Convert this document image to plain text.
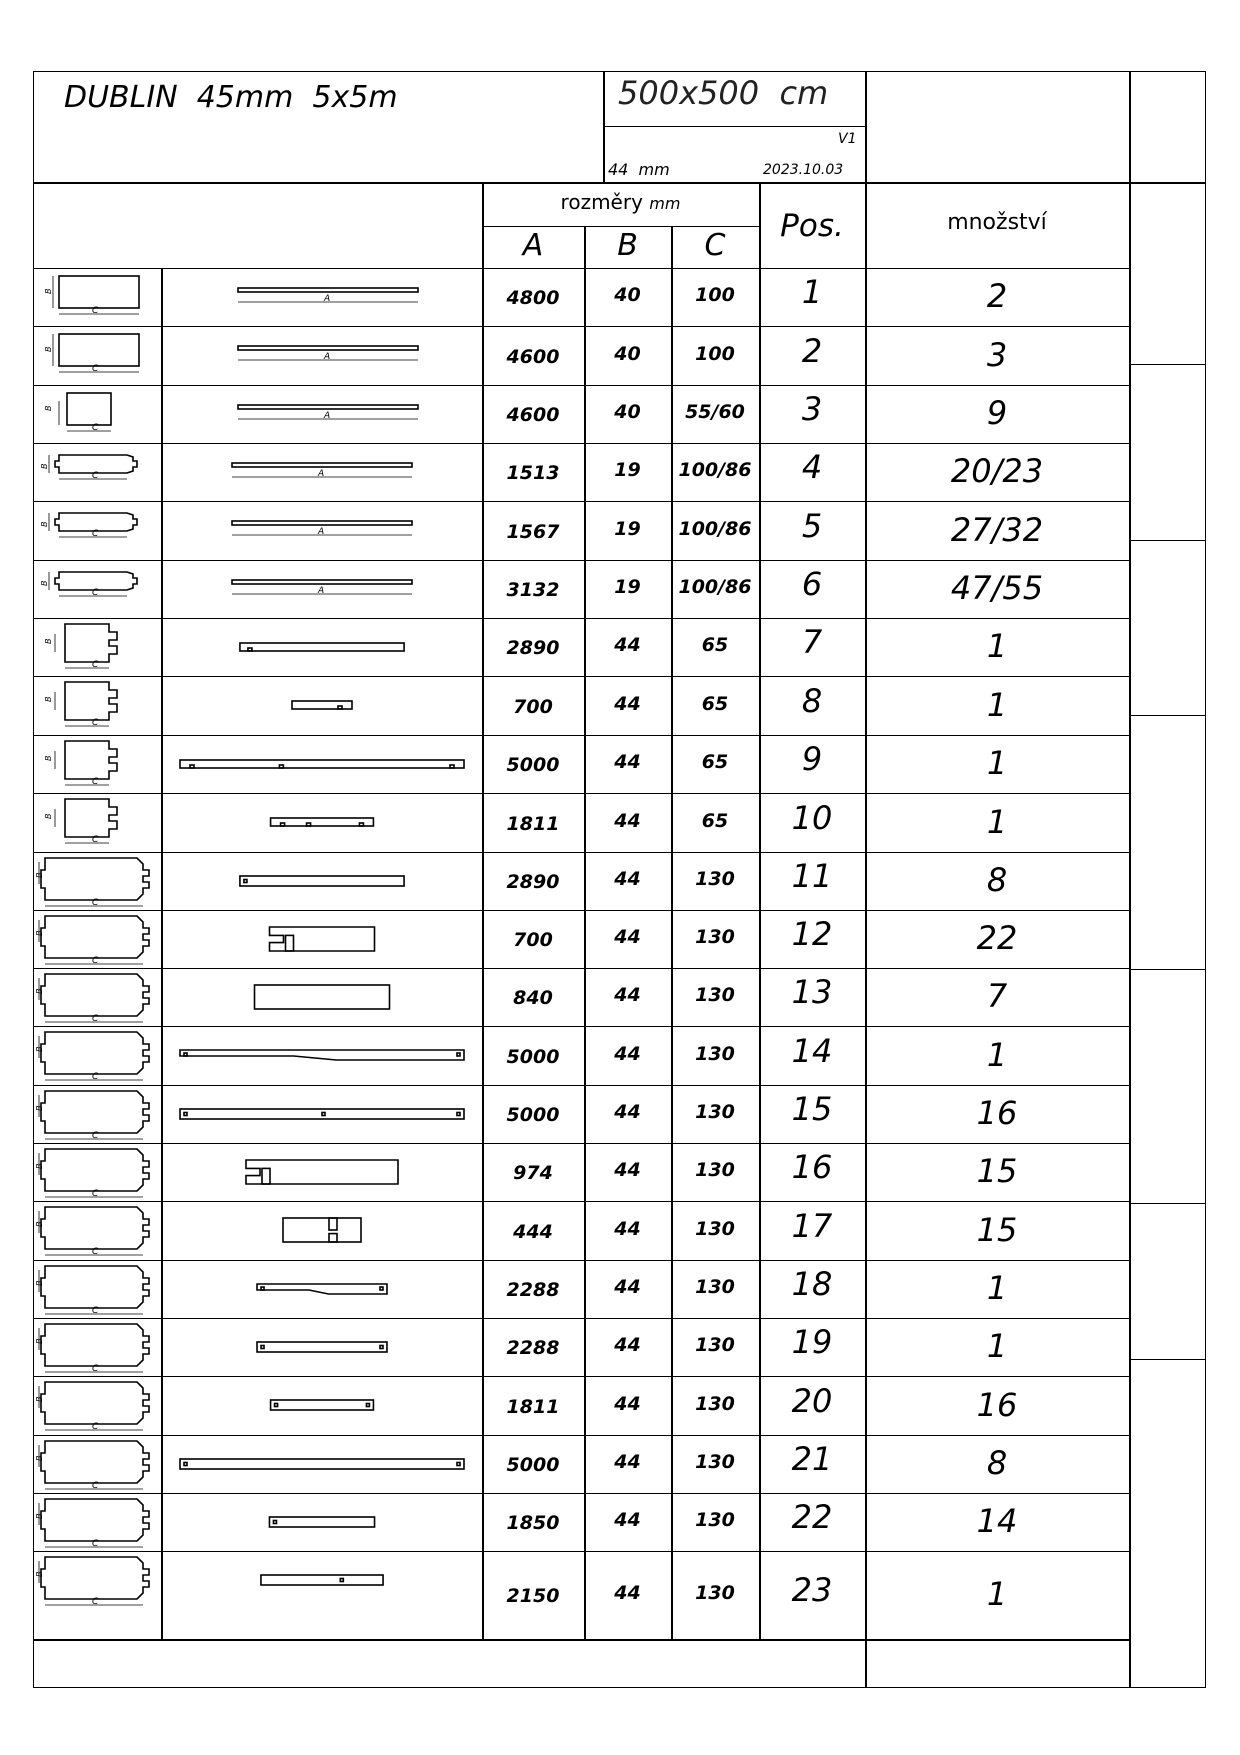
DUBLIN  45mm  5x5m	500x500  cm
V1
44  mm	2023.10.03
rozměry mm
A	B	C
Pos.	množství
B
C
A	4800	40	100	1	2
B
C
A	4600	40	100	2	3
B
C
A	4600	40	55/60	3	9
B
C	A	1513	19	100/86	4	20/23
B
C	A	1567	19	100/86	5	27/32
B
C	A	3132	19	100/86	6	47/55
B
C
2890	44	65	7	1
B
C
700	44	65	8	1
B
C
5000	44	65	9	1
B
C
1811	44	65	10	1
B
C
2890	44	130	11	8
B
C
700	44	130	12	22
B
C
840	44	130	13	7
B
C
5000	44	130	14	1
B
C
5000	44	130	15	16
B
C
974	44	130	16	15
B
C
444	44	130	17	15
B
C
2288	44	130	18	1
B
C
2288	44	130	19	1
B
C
1811	44	130	20	16
B
C
5000	44	130	21	8
B
C
1850	44	130	22	14
B
C	2150	44	130	23	1
